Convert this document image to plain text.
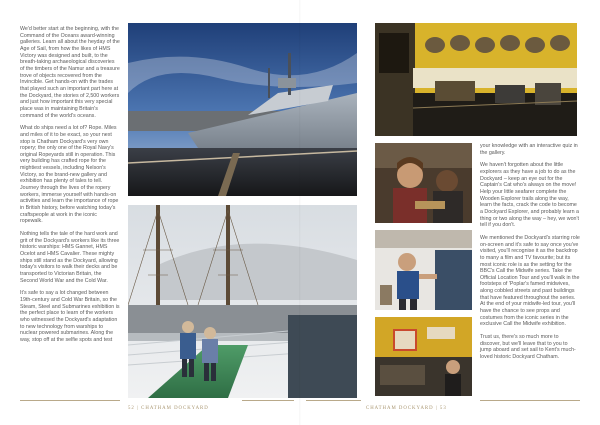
We'd better start at the beginning, with the Command of the Oceans award-winning galleries. Learn all about the heyday of the Age of Sail, from how the likes of HMS Victory was designed and built, to the breath-taking archaeological discoveries of the timbers of the Namur and a treasure trove of objects recovered from the Invincible. Get hands-on with the trades that played such an important part here at the Dockyard, the stories of 2,500 workers and just how important this very special place was in maintaining Britain's command of the world's oceans.

What do ships need a lot of? Rope. Miles and miles of it to be exact, so your next stop is Chatham Dockyard's very own ropery; the only one of the Royal Navy's original Ropeyards still in operation. This very building has crafted rope for the mightiest vessels, including Nelson's Victory, so the brand-new gallery and exhibition has plenty of tales to tell. Journey through the lives of the ropery workers, immerse yourself with hands-on activities and learn the importance of rope in British history, before watching today's craftspeople at work in the iconic ropewalk.

Nothing tells the tale of the hard work and grit of the Dockyard's workers like its three historic warships: HMS Gannet, HMS Ocelot and HMS Cavalier. These mighty ships still stand as the Dockyard, allowing today's visitors to walk their decks and be transported to Victorian Britain, the Second World War and the Cold War.

It's safe to say a lot changed between 19th-century and Cold War Britain, so the Steam, Steel and Submarines exhibition is the perfect place to learn of the workers who witnessed the Dockyard's adaptation to new technology from warships to nuclear powered submarines. Along the way, stop off at the selfie spots and test

52 | CHATHAM DOCKYARD

your knowledge with an interactive quiz in the gallery.

We haven't forgotten about the little explorers as they have a job to do as the Dockyard – keep an eye out for the Captain's Cat who's always on the move! Help your little seafarer complete the Wooden Explorer trails along the way, learn the facts, crack the code to become a Dockyard Explorer, and probably learn a thing or two along the way – hey, we won't tell if you don't.

We mentioned the Dockyard's starring role on-screen and it's safe to say once you've visited, you'll recognise it as the backdrop to many a film and TV favourite; but its most iconic role is as the setting for the BBC's Call the Midwife series. Take the Official Location Tour and you'll walk in the footsteps of 'Poplar's famed midwives, along cobbled streets and past buildings that have featured throughout the series. At the end of your midwife-led tour, you'll have the chance to see props and costumes from the iconic series in the exclusive Call the Midwife exhibition.

Trust us, there's so much more to discover, but we'll leave that to you to jump aboard and set sail to Kent's much-loved historic Dockyard Chatham.

CHATHAM DOCKYARD | 53
